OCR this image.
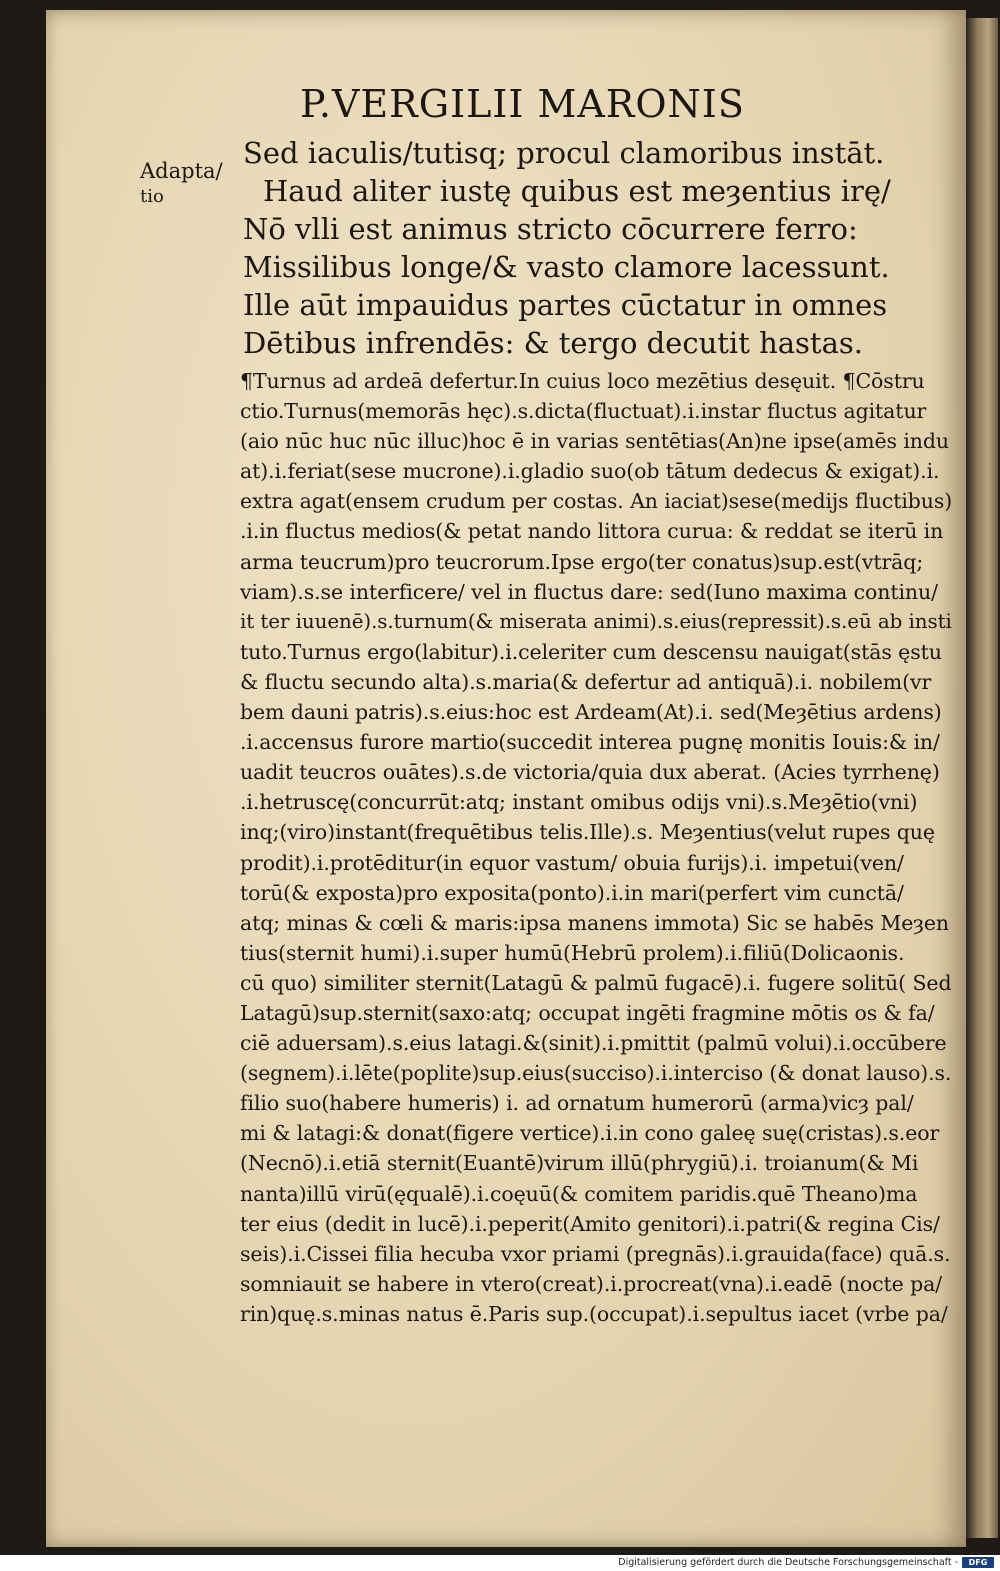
P.VERGILII MARONIS
Adapta/
tio
Sed iaculis/tutisq; procul clamoribus instāt.
Haud aliter iustę quibus est meȝentius irę/
Nō vlli est animus stricto cōcurrere ferro:
Missilibus longe/& vasto clamore lacessunt.
Ille aūt impauidus partes cūctatur in omnes
Dētibus infrendēs: & tergo decutit hastas.
¶Turnus ad ardeā defertur.In cuius loco mezētius desęuit. ¶Cōstru
ctio.Turnus(memorās hęc).s.dicta(fluctuat).i.instar fluctus agitatur
(aio nūc huc nūc illuc)hoc ē in varias sentētias(An)ne ipse(amēs indu
at).i.feriat(sese mucrone).i.gladio suo(ob tātum dedecus & exigat).i.
extra agat(ensem crudum per costas. An iaciat)sese(medijs fluctibus)
.i.in fluctus medios(& petat nando littora curua: & reddat se iterū in
arma teucrum)pro teucrorum.Ipse ergo(ter conatus)sup.est(vtrāq;
viam).s.se interficere/ vel in fluctus dare: sed(Iuno maxima continu/
it ter iuuenē).s.turnum(& miserata animi).s.eius(repressit).s.eū ab insti
tuto.Turnus ergo(labitur).i.celeriter cum descensu nauigat(stās ęstu
& fluctu secundo alta).s.maria(& defertur ad antiquā).i. nobilem(vr
bem dauni patris).s.eius:hoc est Ardeam(At).i. sed(Meȝētius ardens)
.i.accensus furore martio(succedit interea pugnę monitis Iouis:& in/
uadit teucros ouātes).s.de victoria/quia dux aberat. (Acies tyrrhenę)
.i.hetruscę(concurrūt:atq; instant omibus odijs vni).s.Meȝētio(vni)
inq;(viro)instant(frequētibus telis.Ille).s. Meȝentius(velut rupes quę
prodit).i.protēditur(in equor vastum/ obuia furijs).i. impetui(ven/
torū(& exposta)pro exposita(ponto).i.in mari(perfert vim cunctā/
atq; minas & cœli & maris:ipsa manens immota) Sic se habēs Meȝen
tius(sternit humi).i.super humū(Hebrū prolem).i.filiū(Dolicaonis.
cū quo) similiter sternit(Latagū & palmū fugacē).i. fugere solitū( Sed
Latagū)sup.sternit(saxo:atq; occupat ingēti fragmine mōtis os & fa/
ciē aduersam).s.eius latagi.&(sinit).i.pmittit (palmū volui).i.occūbere
(segnem).i.lēte(poplite)sup.eius(succiso).i.interciso (& donat lauso).s.
filio suo(habere humeris) i. ad ornatum humerorū (arma)vicȝ pal/
mi & latagi:& donat(figere vertice).i.in cono galeę suę(cristas).s.eor
(Necnō).i.etiā sternit(Euantē)virum illū(phrygiū).i. troianum(& Mi
nanta)illū virū(ęqualē).i.coęuū(& comitem paridis.quē Theano)ma
ter eius (dedit in lucē).i.peperit(Amito genitori).i.patri(& regina Cis/
seis).i.Cissei filia hecuba vxor priami (pregnās).i.grauida(face) quā.s.
somniauit se habere in vtero(creat).i.procreat(vna).i.eadē (nocte pa/
rin)quę.s.minas natus ē.Paris sup.(occupat).i.sepultus iacet (vrbe pa/
Digitalisierung gefördert durch die Deutsche Forschungsgemeinschaft -	DFG
